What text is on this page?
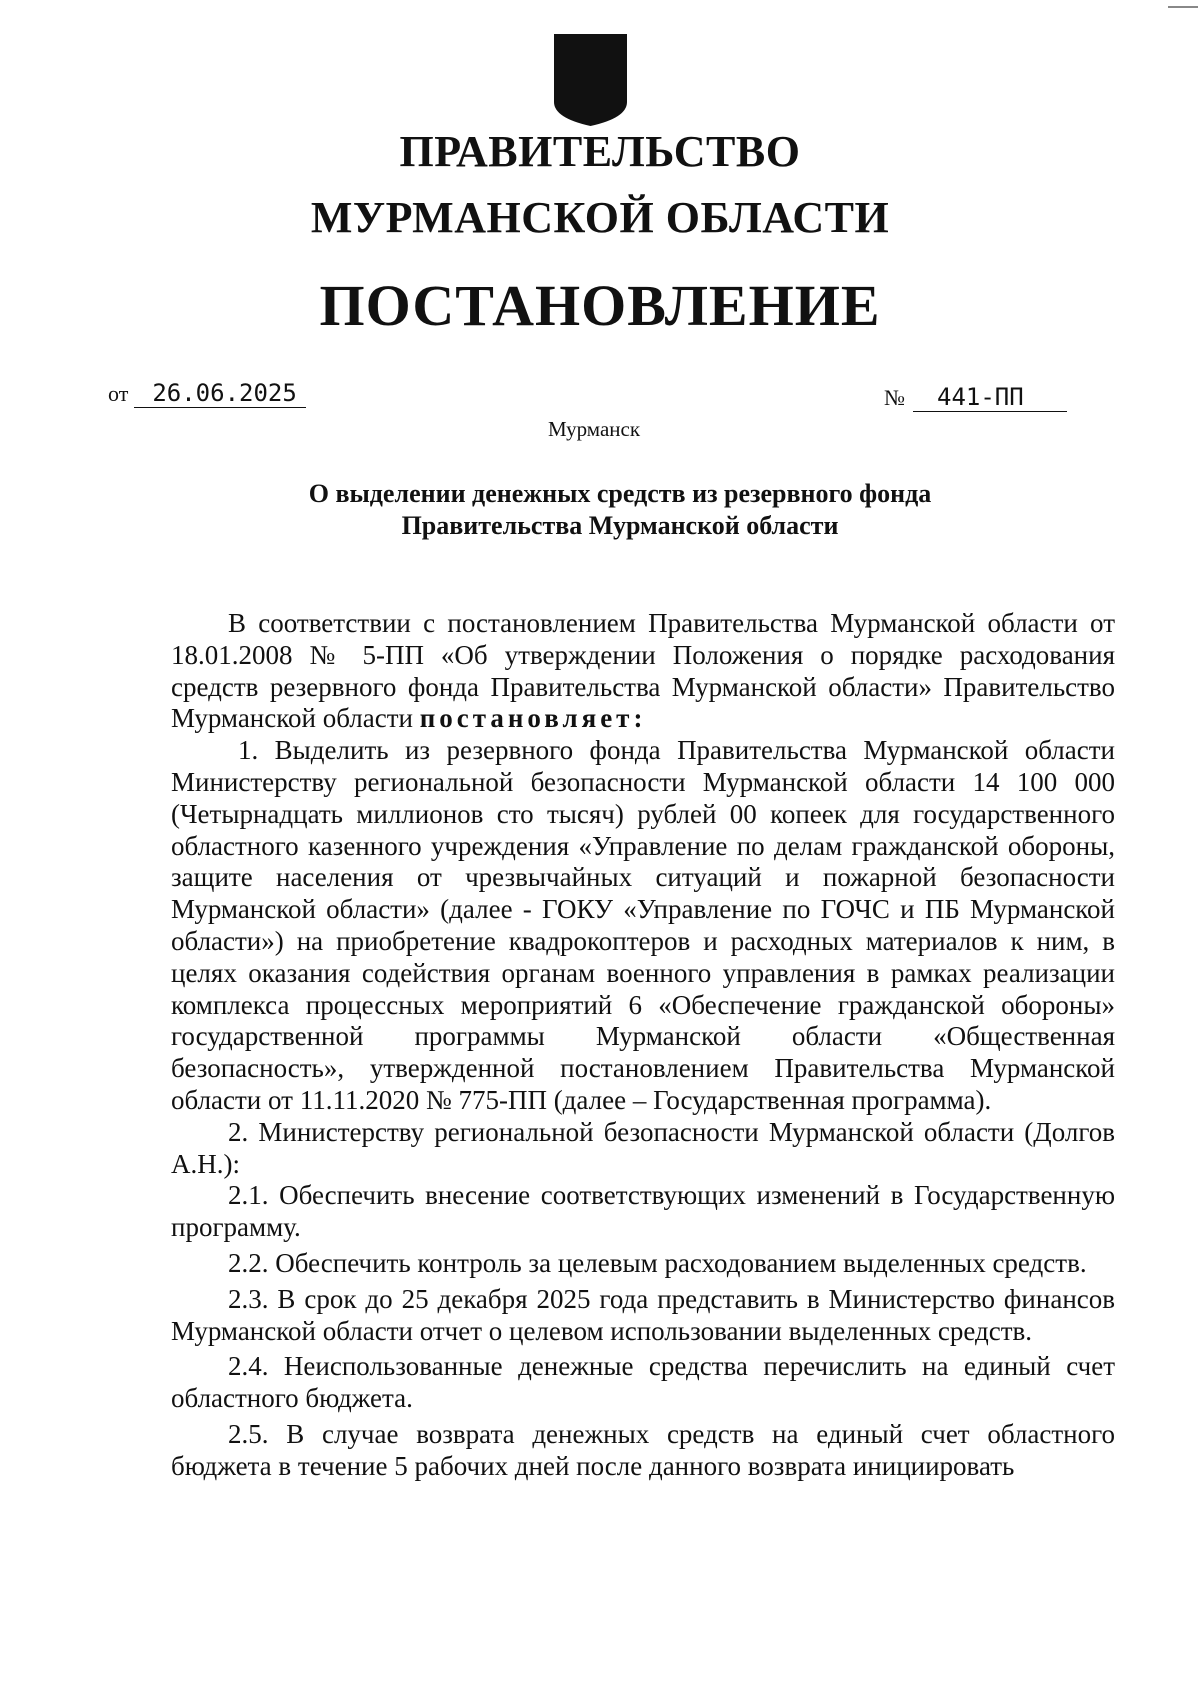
ПРАВИТЕЛЬСТВО
МУРМАНСКОЙ ОБЛАСТИ
ПОСТАНОВЛЕНИЕ
от 26.06.2025	№ 441-ПП
Мурманск
О выделении денежных средств из резервного фонда
Правительства Мурманской области

В соответствии с постановлением Правительства Мурманской области от 18.01.2008 № 5-ПП «Об утверждении Положения о порядке расходования средств резервного фонда Правительства Мурманской области» Правительство Мурманской области постановляет:

1. Выделить из резервного фонда Правительства Мурманской области Министерству региональной безопасности Мурманской области 14 100 000 (Четырнадцать миллионов сто тысяч) рублей 00 копеек для государственного областного казенного учреждения «Управление по делам гражданской обороны, защите населения от чрезвычайных ситуаций и пожарной безопасности Мурманской области» (далее - ГОКУ «Управление по ГОЧС и ПБ Мурманской области») на приобретение квадрокоптеров и расходных материалов к ним, в целях оказания содействия органам военного управления в рамках реализации комплекса процессных мероприятий 6 «Обеспечение гражданской обороны» государственной программы Мурманской области «Общественная безопасность», утвержденной постановлением Правительства Мурманской области от 11.11.2020 № 775-ПП (далее – Государственная программа).

2. Министерству региональной безопасности Мурманской области (Долгов А.Н.):

2.1. Обеспечить внесение соответствующих изменений в Государственную программу.

2.2. Обеспечить контроль за целевым расходованием выделенных средств.

2.3. В срок до 25 декабря 2025 года представить в Министерство финансов Мурманской области отчет о целевом использовании выделенных средств.

2.4. Неиспользованные денежные средства перечислить на единый счет областного бюджета.

2.5. В случае возврата денежных средств на единый счет областного бюджета в течение 5 рабочих дней после данного возврата инициировать
